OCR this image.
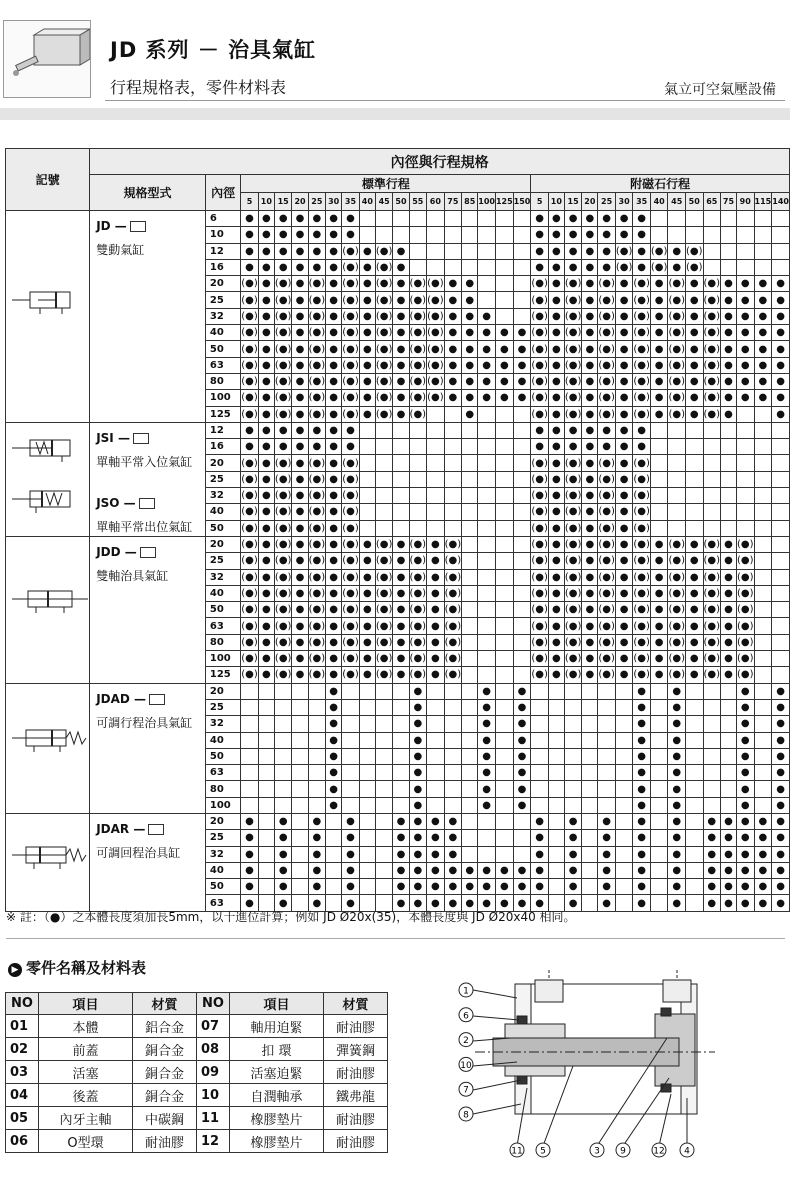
JD 系列 － 治具氣缸
行程規格表，零件材料表	氣立可空氣壓設備
記號	內徑與行程規格																																	
	規格型式	內徑	標準行程																	附磁石行程														
			5	10	15	20	25	30	35	40	45	50	55	60	75	85	100	125	150	5	10	15	20	25	30	35	40	45	50	65	75	90	115	140

JD —
雙動氣缸	6	●	●	●	●	●	●	●											●	●	●	●	●	●	●								
		10	●	●	●	●	●	●	●											●	●	●	●	●	●	●								
		12	●	●	●	●	●	●	(●)	●	(●)	●								●	●	●	●	●	(●)	●	(●)	●	(●)					
		16	●	●	●	●	●	●	(●)	●	(●)	●								●	●	●	●	●	(●)	●	(●)	●	(●)					
		20	(●)	●	(●)	●	(●)	●	(●)	●	(●)	●	(●)	(●)	●	●				(●)	●	(●)	●	(●)	●	(●)	●	(●)	●	(●)	●	●	●	●
		25	(●)	●	(●)	●	(●)	●	(●)	●	(●)	●	(●)	(●)	●	●				(●)	●	(●)	●	(●)	●	(●)	●	(●)	●	(●)	●	●	●	●
		32	(●)	●	(●)	●	(●)	●	(●)	●	(●)	●	(●)	(●)	●	●	●			(●)	●	(●)	●	(●)	●	(●)	●	(●)	●	(●)	●	●	●	●
		40	(●)	●	(●)	●	(●)	●	(●)	●	(●)	●	(●)	(●)	●	●	●	●	●	(●)	●	(●)	●	(●)	●	(●)	●	(●)	●	(●)	●	●	●	●
		50	(●)	●	(●)	●	(●)	●	(●)	●	(●)	●	(●)	(●)	●	●	●	●	●	(●)	●	(●)	●	(●)	●	(●)	●	(●)	●	(●)	●	●	●	●
		63	(●)	●	(●)	●	(●)	●	(●)	●	(●)	●	(●)	(●)	●	●	●	●	●	(●)	●	(●)	●	(●)	●	(●)	●	(●)	●	(●)	●	●	●	●
		80	(●)	●	(●)	●	(●)	●	(●)	●	(●)	●	(●)	(●)	●	●	●	●	●	(●)	●	(●)	●	(●)	●	(●)	●	(●)	●	(●)	●	●	●	●
		100	(●)	●	(●)	●	(●)	●	(●)	●	(●)	●	(●)	(●)	●	●	●	●	●	(●)	●	(●)	●	(●)	●	(●)	●	(●)	●	(●)	●	●	●	●
		125	(●)	●	(●)	●	(●)	●	(●)	●	(●)	●	(●)			●				(●)	●	(●)	●	(●)	●	(●)	●	(●)	●	(●)	●			●

JSI —
單軸平常入位氣缸
JSO —
單軸平常出位氣缸	12	●	●	●	●	●	●	●											●	●	●	●	●	●	●								
		16	●	●	●	●	●	●	●											●	●	●	●	●	●	●								
		20	(●)	●	(●)	●	(●)	●	(●)											(●)	●	(●)	●	(●)	●	(●)								
		25	(●)	●	(●)	●	(●)	●	(●)											(●)	●	(●)	●	(●)	●	(●)								
		32	(●)	●	(●)	●	(●)	●	(●)											(●)	●	(●)	●	(●)	●	(●)								
		40	(●)	●	(●)	●	(●)	●	(●)											(●)	●	(●)	●	(●)	●	(●)								
		50	(●)	●	(●)	●	(●)	●	(●)											(●)	●	(●)	●	(●)	●	(●)								

JDD —
雙軸治具氣缸	20	(●)	●	(●)	●	(●)	●	(●)	●	(●)	●	(●)	●	(●)					(●)	●	(●)	●	(●)	●	(●)	●	(●)	●	(●)	●	(●)		
		25	(●)	●	(●)	●	(●)	●	(●)	●	(●)	●	(●)	●	(●)					(●)	●	(●)	●	(●)	●	(●)	●	(●)	●	(●)	●	(●)		
		32	(●)	●	(●)	●	(●)	●	(●)	●	(●)	●	(●)	●	(●)					(●)	●	(●)	●	(●)	●	(●)	●	(●)	●	(●)	●	(●)		
		40	(●)	●	(●)	●	(●)	●	(●)	●	(●)	●	(●)	●	(●)					(●)	●	(●)	●	(●)	●	(●)	●	(●)	●	(●)	●	(●)		
		50	(●)	●	(●)	●	(●)	●	(●)	●	(●)	●	(●)	●	(●)					(●)	●	(●)	●	(●)	●	(●)	●	(●)	●	(●)	●	(●)		
		63	(●)	●	(●)	●	(●)	●	(●)	●	(●)	●	(●)	●	(●)					(●)	●	(●)	●	(●)	●	(●)	●	(●)	●	(●)	●	(●)		
		80	(●)	●	(●)	●	(●)	●	(●)	●	(●)	●	(●)	●	(●)					(●)	●	(●)	●	(●)	●	(●)	●	(●)	●	(●)	●	(●)		
		100	(●)	●	(●)	●	(●)	●	(●)	●	(●)	●	(●)	●	(●)					(●)	●	(●)	●	(●)	●	(●)	●	(●)	●	(●)	●	(●)		
		125	(●)	●	(●)	●	(●)	●	(●)	●	(●)	●	(●)	●	(●)					(●)	●	(●)	●	(●)	●	(●)	●	(●)	●	(●)	●	(●)		

JDAD —
可調行程治具氣缸	20						●					●				●		●							●		●				●		●
		25						●					●				●		●							●		●				●		●
		32						●					●				●		●							●		●				●		●
		40						●					●				●		●							●		●				●		●
		50						●					●				●		●							●		●				●		●
		63						●					●				●		●							●		●				●		●
		80						●					●				●		●							●		●				●		●
		100						●					●				●		●							●		●				●		●

JDAR —
可調回程治具缸	20	●		●		●		●			●	●	●	●					●		●		●		●		●		●	●	●	●	●
		25	●		●		●		●			●	●	●	●					●		●		●		●		●		●	●	●	●	●
		32	●		●		●		●			●	●	●	●					●		●		●		●		●		●	●	●	●	●
		40	●		●		●		●			●	●	●	●	●	●	●	●	●		●		●		●		●		●	●	●	●	●
		50	●		●		●		●			●	●	●	●	●	●	●	●	●		●		●		●		●		●	●	●	●	●
		63	●		●		●		●			●	●	●	●	●	●	●	●	●		●		●		●		●		●	●	●	●	●
※ 註：（●）之本體長度須加長5mm，以十進位計算；例如 JD Ø20x(35)，本體長度與 JD Ø20x40 相同。
▶ 零件名稱及材料表
NO	項目	材質	NO	項目	材質
01	本體	鋁合金	07	軸用迫緊	耐油膠
02	前蓋	銅合金	08	扣 環	彈簧鋼
03	活塞	銅合金	09	活塞迫緊	耐油膠
04	後蓋	銅合金	10	自潤軸承	鐵弗龍
05	內牙主軸	中碳鋼	11	橡膠墊片	耐油膠
06	O型環	耐油膠	12	橡膠墊片	耐油膠
1
6
2
10
7
8
11 5	3 9	12 4
